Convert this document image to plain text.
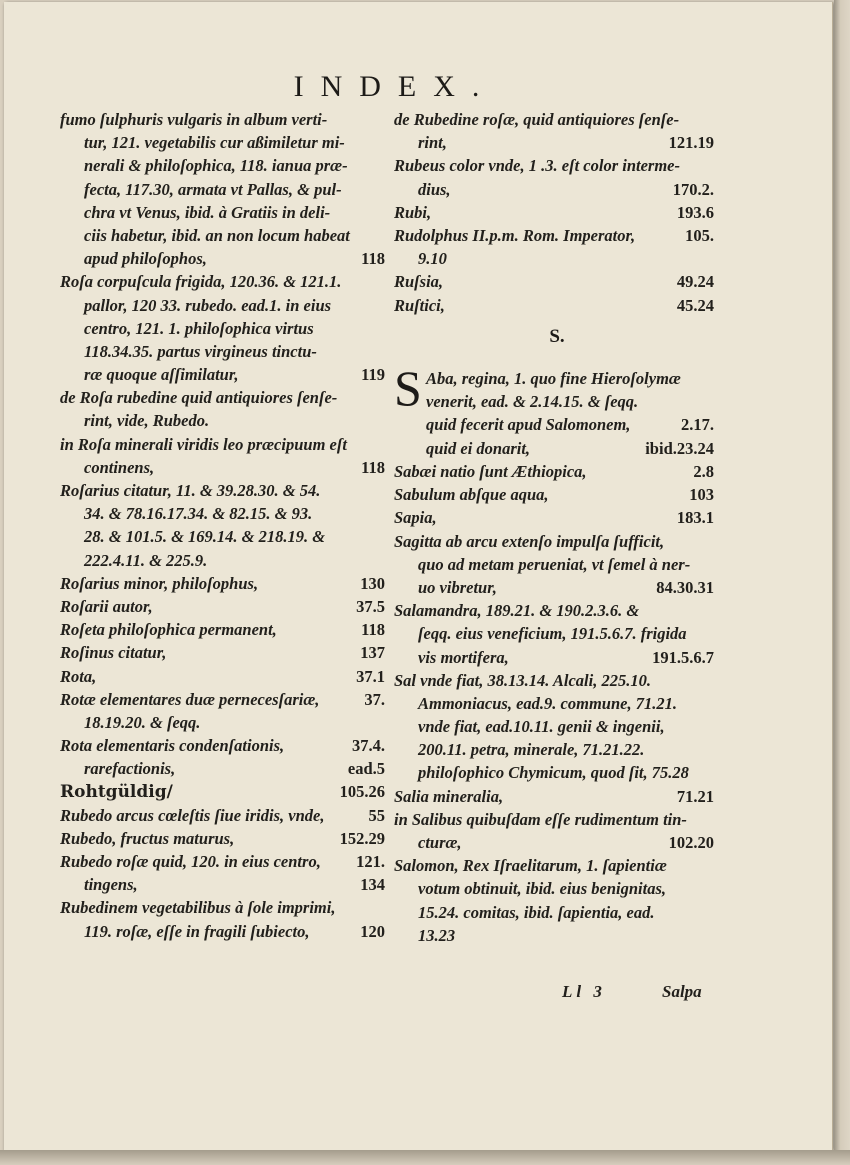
INDEX.
fumo ſulphuris vulgaris in album verti-
tur, 121. vegetabilis cur aßimiletur mi-
nerali & philoſophica, 118. ianua præ-
fecta, 117.30, armata vt Pallas, & pul-
chra vt Venus, ibid. à Gratiis in deli-
ciis habetur, ibid. an non locum habeat
apud philoſophos,	118
Roſa corpuſcula frigida, 120.36. & 121.1.
pallor, 120 33. rubedo. ead.1. in eius
centro, 121. 1. philoſophica virtus
118.34.35. partus virgineus tinctu-
ræ quoque aſſimilatur,	119
de Roſa rubedine quid antiquiores ſenſe-
rint, vide, Rubedo.
in Roſa minerali viridis leo præcipuum eſt
continens,	118
Roſarius citatur, 11. & 39.28.30. & 54.
34. & 78.16.17.34. & 82.15. & 93.
28. & 101.5. & 169.14. & 218.19. &
222.4.11. & 225.9.
Roſarius minor, philoſophus,	130
Roſarii autor,	37.5
Roſeta philoſophica permanent,	118
Roſinus citatur,	137
Rota,	37.1
Rotæ elementares duæ pernecesſariæ,	37.
18.19.20. & ſeqq.
Rota elementaris condenſationis,	37.4.
rarefactionis,	ead.5
Rohtgüldig/	105.26
Rubedo arcus cœleſtis ſiue iridis, vnde,	55
Rubedo, fructus maturus,	152.29
Rubedo roſæ quid, 120. in eius centro, 121.
tingens,	134
Rubedinem vegetabilibus à ſole imprimi,
119. roſæ, eſſe in fragili ſubiecto,	120
de Rubedine roſæ, quid antiquiores ſenſe-
rint,	121.19
Rubeus color vnde, 1 .3. eſt color interme-
dius,	170.2.
Rubi,	193.6
Rudolphus II.p.m. Rom. Imperator,	105.
9.10
Ruſsia,	49.24
Ruſtici,	45.24
S.
S Aba, regina, 1. quo fine Hieroſolymæ
venerit, ead. & 2.14.15. & ſeqq.
quid fecerit apud Salomonem,	2.17.
quid ei donarit,	ibid.23.24
Sabæi natio ſunt Æthiopica,	2.8
Sabulum abſque aqua,	103
Sapia,	183.1
Sagitta ab arcu extenſo impulſa ſufficit,
quo ad metam perueniat, vt ſemel à ner-
uo vibretur,	84.30.31
Salamandra, 189.21. & 190.2.3.6. &
ſeqq. eius veneficium, 191.5.6.7. frigida
vis mortifera,	191.5.6.7
Sal vnde fiat, 38.13.14. Alcali, 225.10.
Ammoniacus, ead.9. commune, 71.21.
vnde fiat, ead.10.11. genii & ingenii,
200.11. petra, minerale, 71.21.22.
philoſophico Chymicum, quod ſit, 75.28
Salia mineralia,	71.21
in Salibus quibuſdam eſſe rudimentum tin-
cturæ,	102.20
Salomon, Rex Iſraelitarum, 1. ſapientiæ
votum obtinuit, ibid. eius benignitas,
15.24. comitas, ibid. ſapientia, ead.
13.23
Ll 3	Salpa
